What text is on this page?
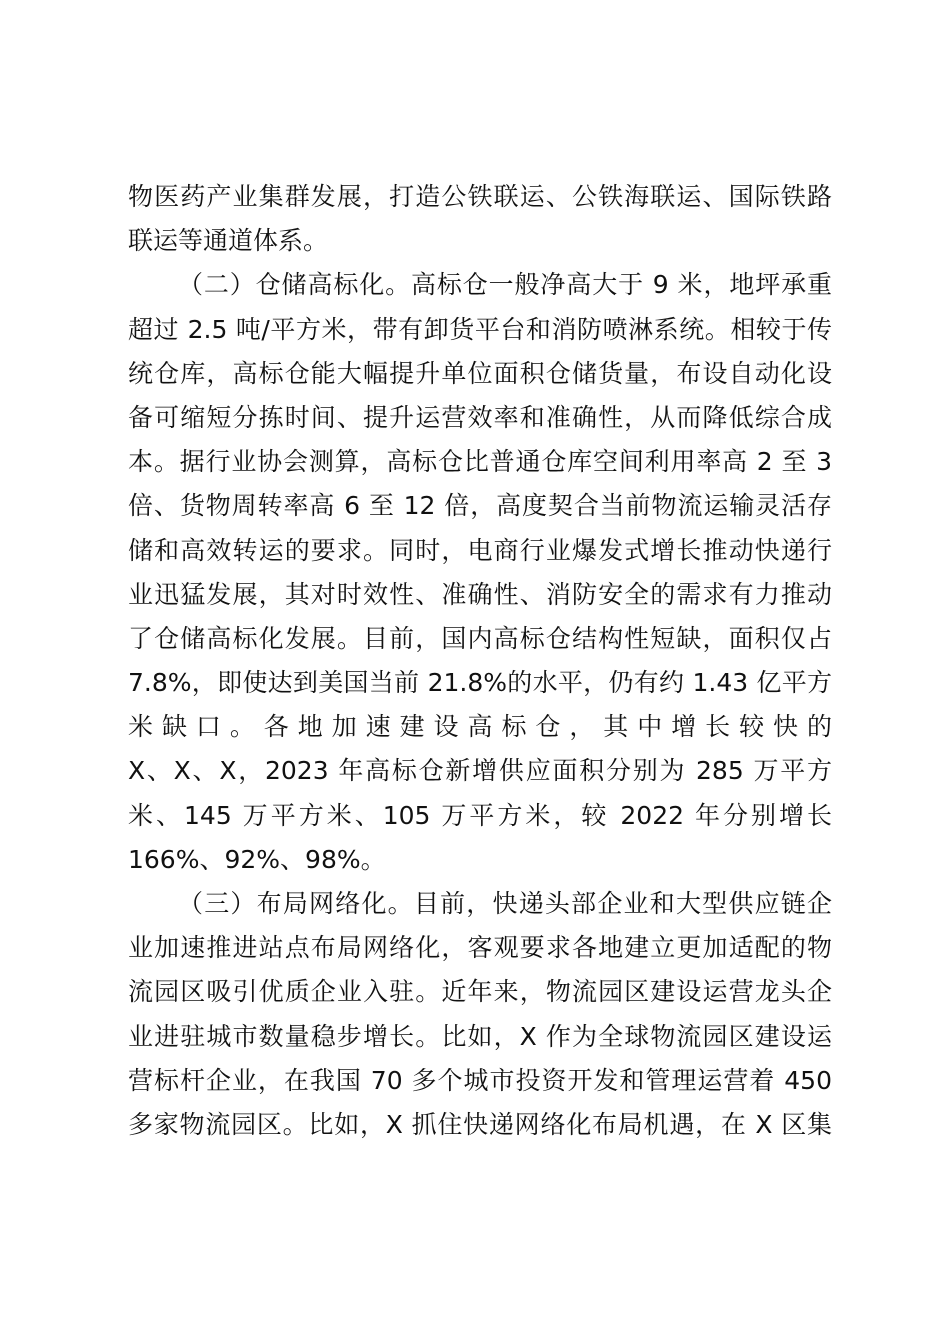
物医药产业集群发展，打造公铁联运、公铁海联运、国际铁路
联运等通道体系。
（二）仓储高标化。高标仓一般净高大于 9 米，地坪承重
超过 2.5 吨/平方米，带有卸货平台和消防喷淋系统。相较于传
统仓库，高标仓能大幅提升单位面积仓储货量，布设自动化设
备可缩短分拣时间、提升运营效率和准确性，从而降低综合成
本。据行业协会测算，高标仓比普通仓库空间利用率高 2 至 3
倍、货物周转率高 6 至 12 倍，高度契合当前物流运输灵活存
储和高效转运的要求。同时，电商行业爆发式增长推动快递行
业迅猛发展，其对时效性、准确性、消防安全的需求有力推动
了仓储高标化发展。目前，国内高标仓结构性短缺，面积仅占
7.8%，即使达到美国当前 21.8%的水平，仍有约 1.43 亿平方
米缺口。各地加速建设高标仓，其中增长较快的
X、X、X，2023 年高标仓新增供应面积分别为 285 万平方
米、145 万平方米、105 万平方米，较 2022 年分别增长
166%、92%、98%。
（三）布局网络化。目前，快递头部企业和大型供应链企
业加速推进站点布局网络化，客观要求各地建立更加适配的物
流园区吸引优质企业入驻。近年来，物流园区建设运营龙头企
业进驻城市数量稳步增长。比如，X 作为全球物流园区建设运
营标杆企业，在我国 70 多个城市投资开发和管理运营着 450
多家物流园区。比如，X 抓住快递网络化布局机遇，在 X 区集
